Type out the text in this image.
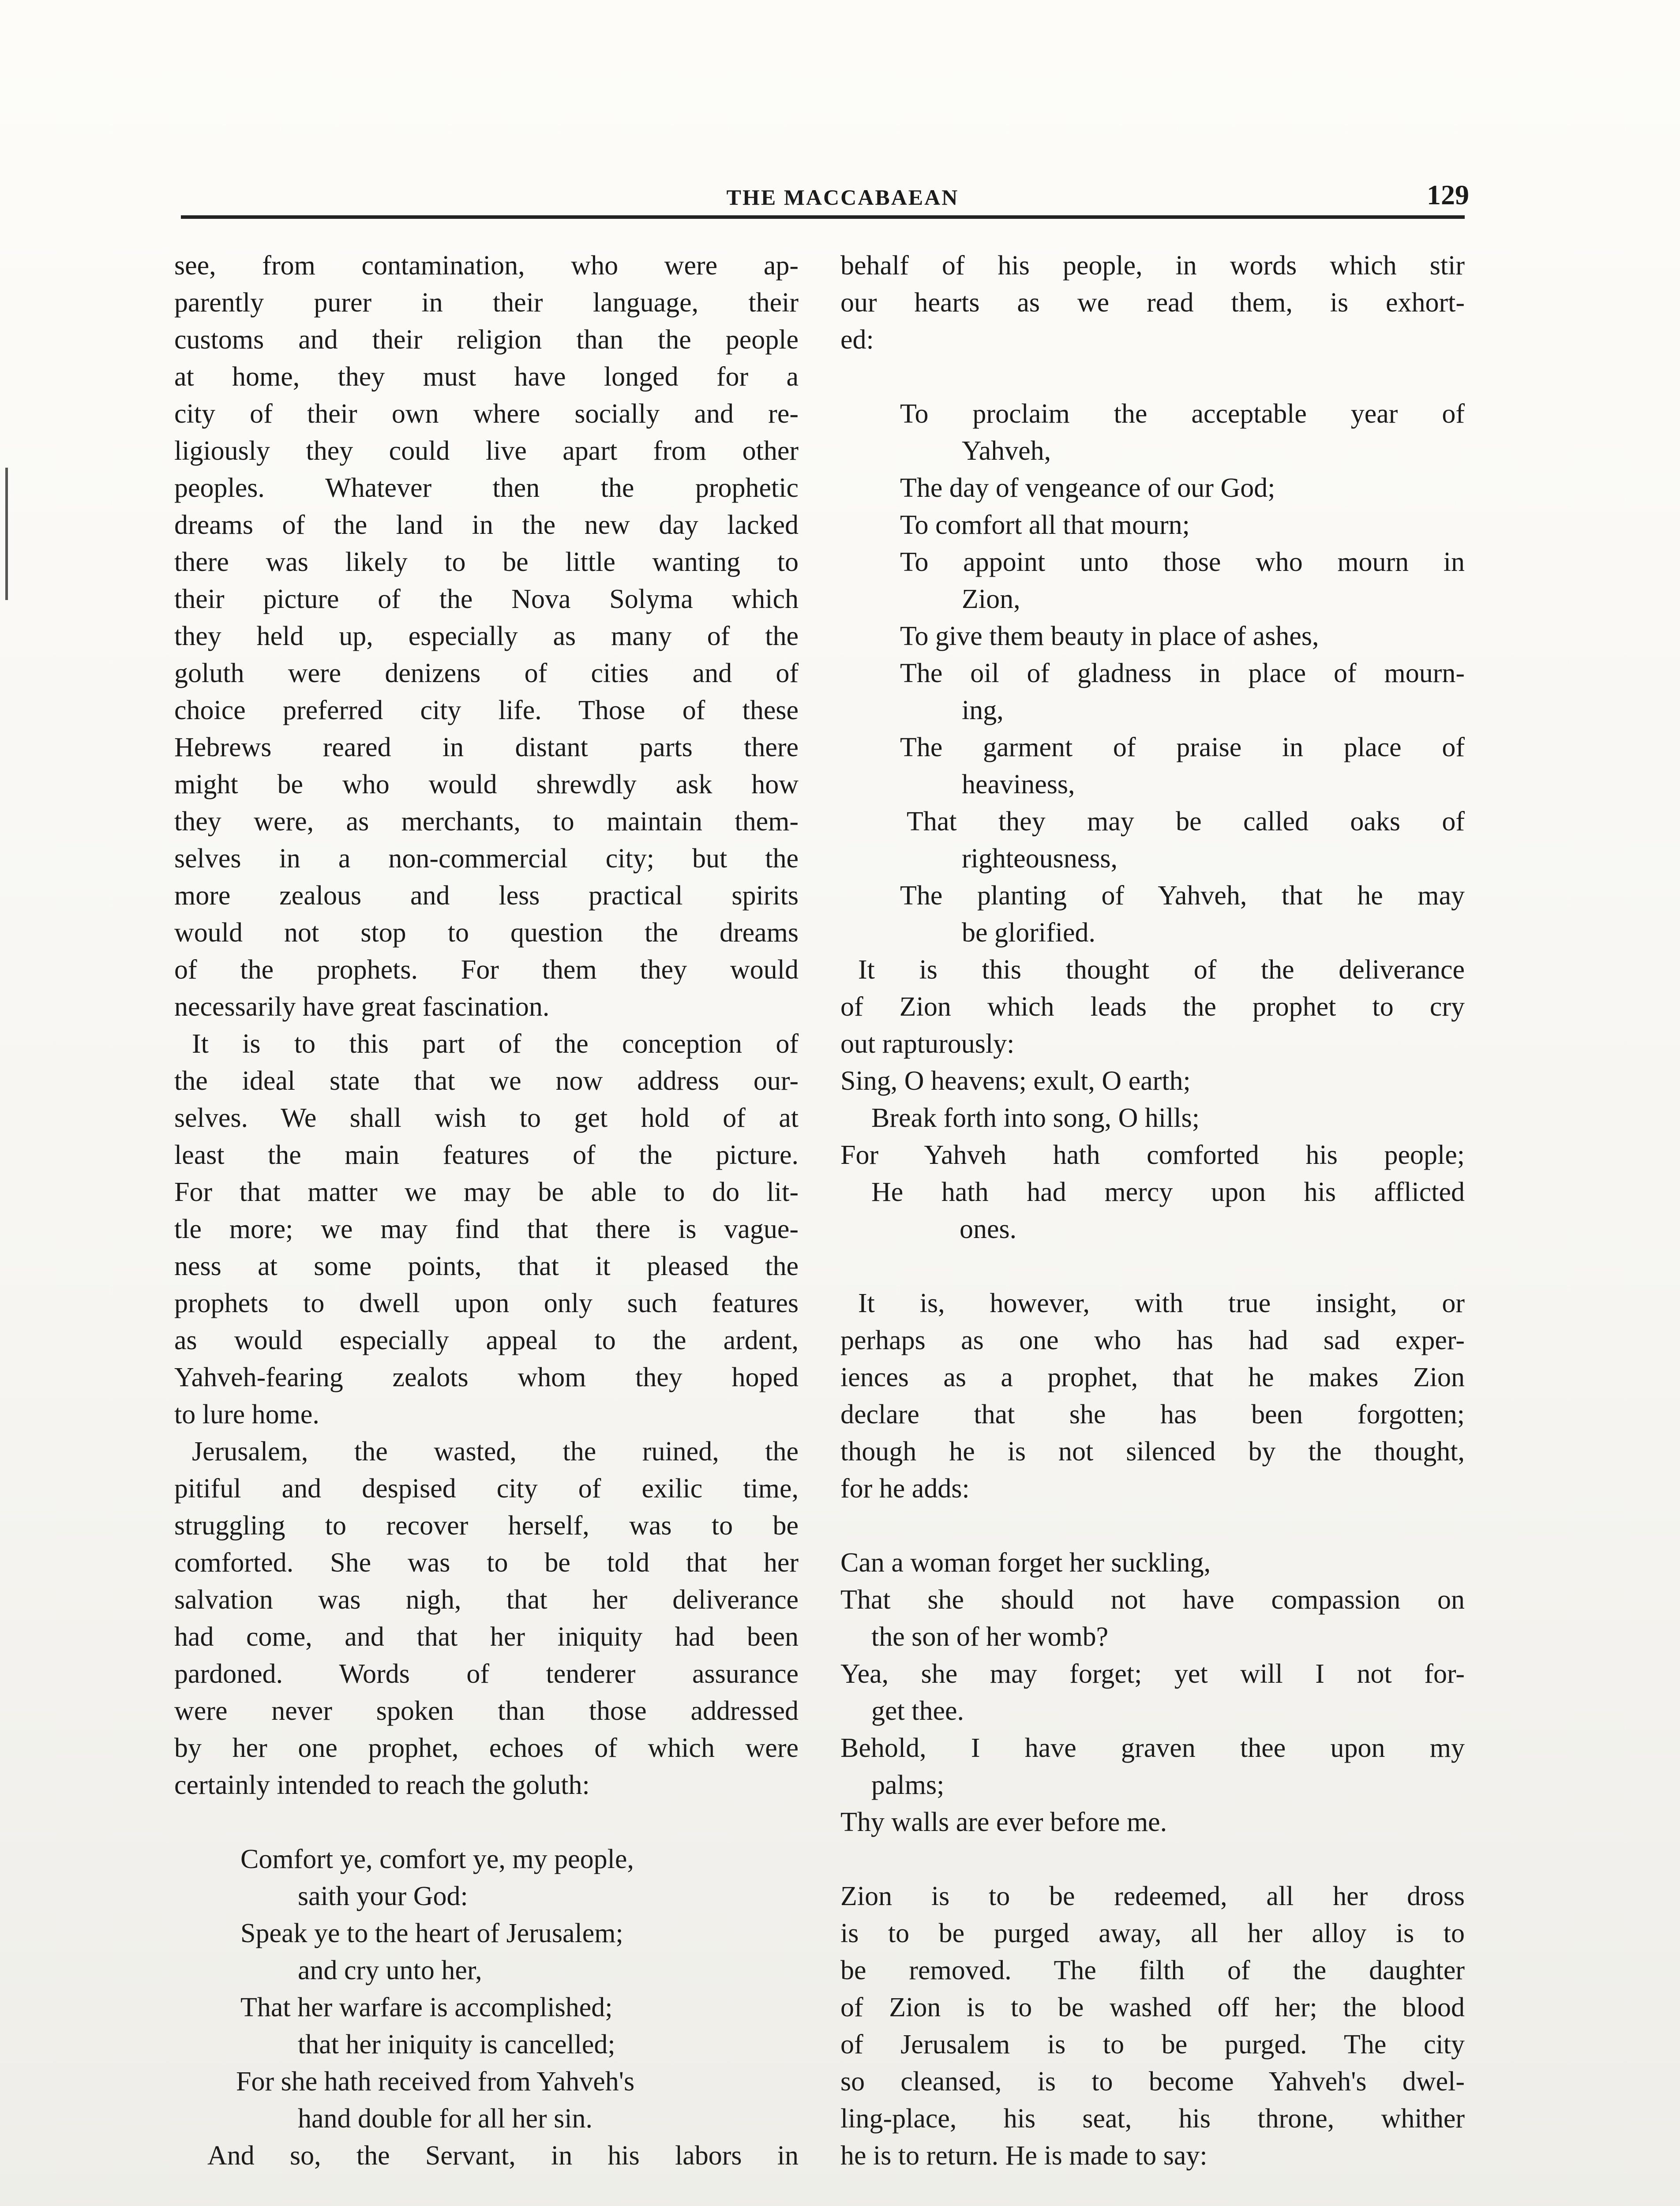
THE MACCABAEAN	129
see, from contamination, who were ap-
parently purer in their language, their
customs and their religion than the people
at home, they must have longed for a
city of their own where socially and re-
ligiously they could live apart from other
peoples. Whatever then the prophetic
dreams of the land in the new day lacked
there was likely to be little wanting to
their picture of the Nova Solyma which
they held up, especially as many of the
goluth were denizens of cities and of
choice preferred city life. Those of these
Hebrews reared in distant parts there
might be who would shrewdly ask how
they were, as merchants, to maintain them-
selves in a non-commercial city; but the
more zealous and less practical spirits
would not stop to question the dreams
of the prophets. For them they would
necessarily have great fascination.
It is to this part of the conception of
the ideal state that we now address our-
selves. We shall wish to get hold of at
least the main features of the picture.
For that matter we may be able to do lit-
tle more; we may find that there is vague-
ness at some points, that it pleased the
prophets to dwell upon only such features
as would especially appeal to the ardent,
Yahveh-fearing zealots whom they hoped
to lure home.
Jerusalem, the wasted, the ruined, the
pitiful and despised city of exilic time,
struggling to recover herself, was to be
comforted. She was to be told that her
salvation was nigh, that her deliverance
had come, and that her iniquity had been
pardoned. Words of tenderer assurance
were never spoken than those addressed
by her one prophet, echoes of which were
certainly intended to reach the goluth:
Comfort ye, comfort ye, my people,
saith your God:
Speak ye to the heart of Jerusalem;
and cry unto her,
That her warfare is accomplished;
that her iniquity is cancelled;
For she hath received from Yahveh's
hand double for all her sin.
And so, the Servant, in his labors in
behalf of his people, in words which stir
our hearts as we read them, is exhort-
ed:
To proclaim the acceptable year of
Yahveh,
The day of vengeance of our God;
To comfort all that mourn;
To appoint unto those who mourn in
Zion,
To give them beauty in place of ashes,
The oil of gladness in place of mourn-
ing,
The garment of praise in place of
heaviness,
That they may be called oaks of
righteousness,
The planting of Yahveh, that he may
be glorified.
It is this thought of the deliverance
of Zion which leads the prophet to cry
out rapturously:
Sing, O heavens; exult, O earth;
Break forth into song, O hills;
For Yahveh hath comforted his people;
He hath had mercy upon his afflicted
ones.
It is, however, with true insight, or
perhaps as one who has had sad exper-
iences as a prophet, that he makes Zion
declare that she has been forgotten;
though he is not silenced by the thought,
for he adds:
Can a woman forget her suckling,
That she should not have compassion on
the son of her womb?
Yea, she may forget; yet will I not for-
get thee.
Behold, I have graven thee upon my
palms;
Thy walls are ever before me.
Zion is to be redeemed, all her dross
is to be purged away, all her alloy is to
be removed. The filth of the daughter
of Zion is to be washed off her; the blood
of Jerusalem is to be purged. The city
so cleansed, is to become Yahveh's dwel-
ling-place, his seat, his throne, whither
he is to return. He is made to say:
